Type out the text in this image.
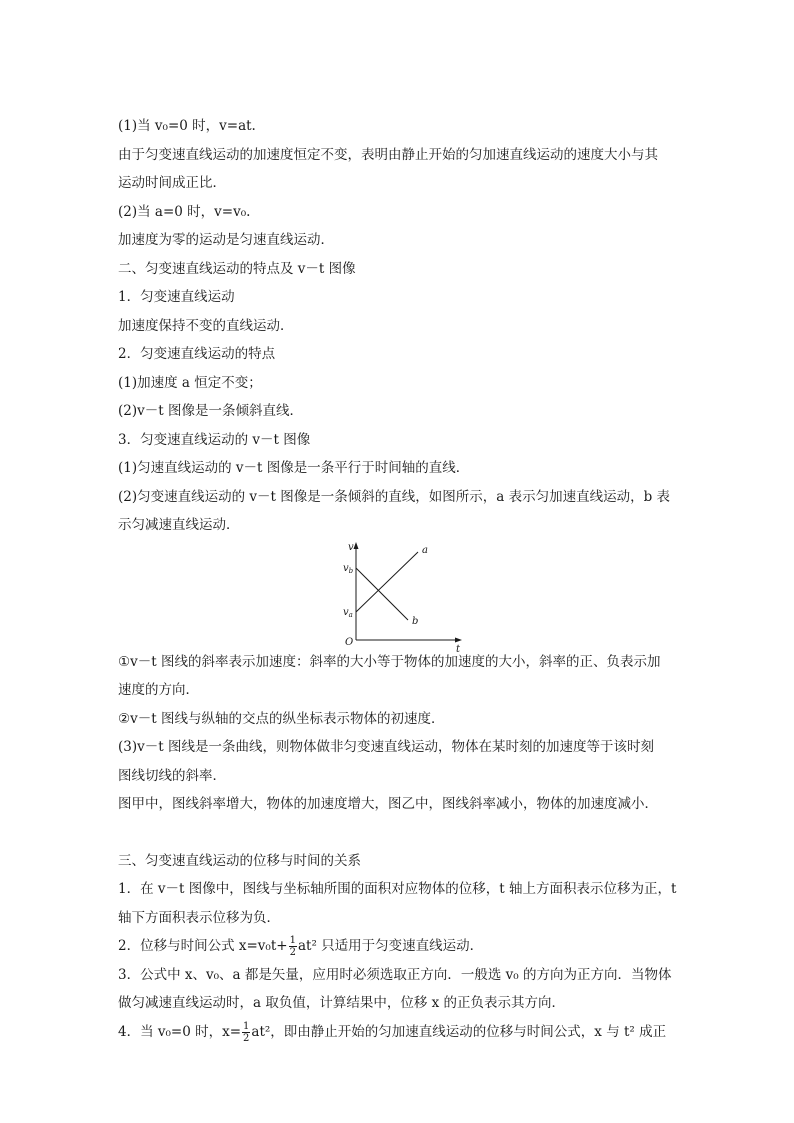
(1)当 v₀=0 时，v=at.
由于匀变速直线运动的加速度恒定不变，表明由静止开始的匀加速直线运动的速度大小与其
运动时间成正比．
(2)当 a=0 时，v=v₀.
加速度为零的运动是匀速直线运动．
二、匀变速直线运动的特点及 v－t 图像
1．匀变速直线运动
加速度保持不变的直线运动．
2．匀变速直线运动的特点
(1)加速度 a 恒定不变；
(2)v－t 图像是一条倾斜直线．
3．匀变速直线运动的 v－t 图像
(1)匀速直线运动的 v－t 图像是一条平行于时间轴的直线．
(2)匀变速直线运动的 v－t 图像是一条倾斜的直线，如图所示，a 表示匀加速直线运动，b 表
示匀减速直线运动．
v
t
O
$v_b$
$v_a$
a
b
①v－t 图线的斜率表示加速度：斜率的大小等于物体的加速度的大小，斜率的正、负表示加
速度的方向．
②v－t 图线与纵轴的交点的纵坐标表示物体的初速度．
(3)v－t 图线是一条曲线，则物体做非匀变速直线运动，物体在某时刻的加速度等于该时刻
图线切线的斜率．
图甲中，图线斜率增大，物体的加速度增大，图乙中，图线斜率减小，物体的加速度减小．
三、匀变速直线运动的位移与时间的关系
1．在 v－t 图像中，图线与坐标轴所围的面积对应物体的位移，t 轴上方面积表示位移为正，t
轴下方面积表示位移为负．
2．位移与时间公式 $x=v_0t+ \frac{1}{2} at^2$ 只适用于匀变速直线运动．
3．公式中 x、v₀、a 都是矢量，应用时必须选取正方向．一般选 v₀ 的方向为正方向．当物体
做匀减速直线运动时，a 取负值，计算结果中，位移 x 的正负表示其方向．
4．当 v₀=0 时，$x= \frac{1}{2} at^2$，即由静止开始的匀加速直线运动的位移与时间公式，x 与 t² 成正
